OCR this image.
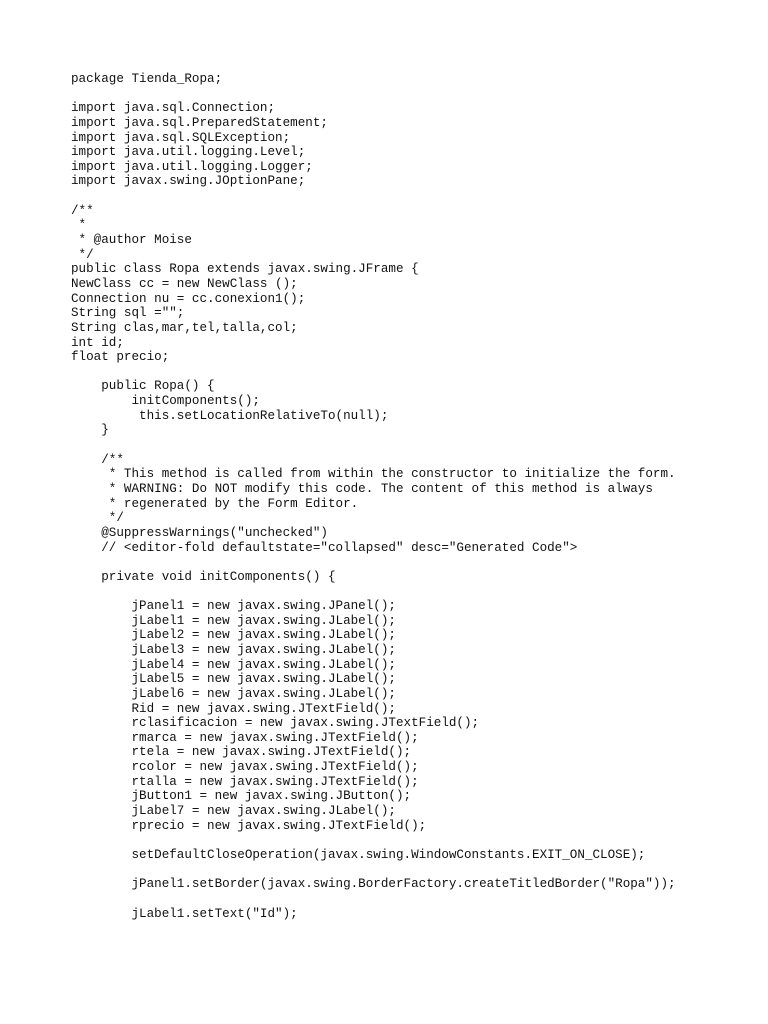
package Tienda_Ropa;
import java.sql.Connection;
import java.sql.PreparedStatement;
import java.sql.SQLException;
import java.util.logging.Level;
import java.util.logging.Logger;
import javax.swing.JOptionPane;
/**
*
* @author Moise
*/
public class Ropa extends javax.swing.JFrame {
NewClass cc = new NewClass ();
Connection nu = cc.conexion1();
String sql ="";
String clas,mar,tel,talla,col;
int id;
float precio;
public Ropa() {
initComponents();
this.setLocationRelativeTo(null);
}
/**
* This method is called from within the constructor to initialize the form.
* WARNING: Do NOT modify this code. The content of this method is always
* regenerated by the Form Editor.
*/
@SuppressWarnings("unchecked")
// <editor-fold defaultstate="collapsed" desc="Generated Code">
private void initComponents() {
jPanel1 = new javax.swing.JPanel();
jLabel1 = new javax.swing.JLabel();
jLabel2 = new javax.swing.JLabel();
jLabel3 = new javax.swing.JLabel();
jLabel4 = new javax.swing.JLabel();
jLabel5 = new javax.swing.JLabel();
jLabel6 = new javax.swing.JLabel();
Rid = new javax.swing.JTextField();
rclasificacion = new javax.swing.JTextField();
rmarca = new javax.swing.JTextField();
rtela = new javax.swing.JTextField();
rcolor = new javax.swing.JTextField();
rtalla = new javax.swing.JTextField();
jButton1 = new javax.swing.JButton();
jLabel7 = new javax.swing.JLabel();
rprecio = new javax.swing.JTextField();
setDefaultCloseOperation(javax.swing.WindowConstants.EXIT_ON_CLOSE);
jPanel1.setBorder(javax.swing.BorderFactory.createTitledBorder("Ropa"));
jLabel1.setText("Id");
